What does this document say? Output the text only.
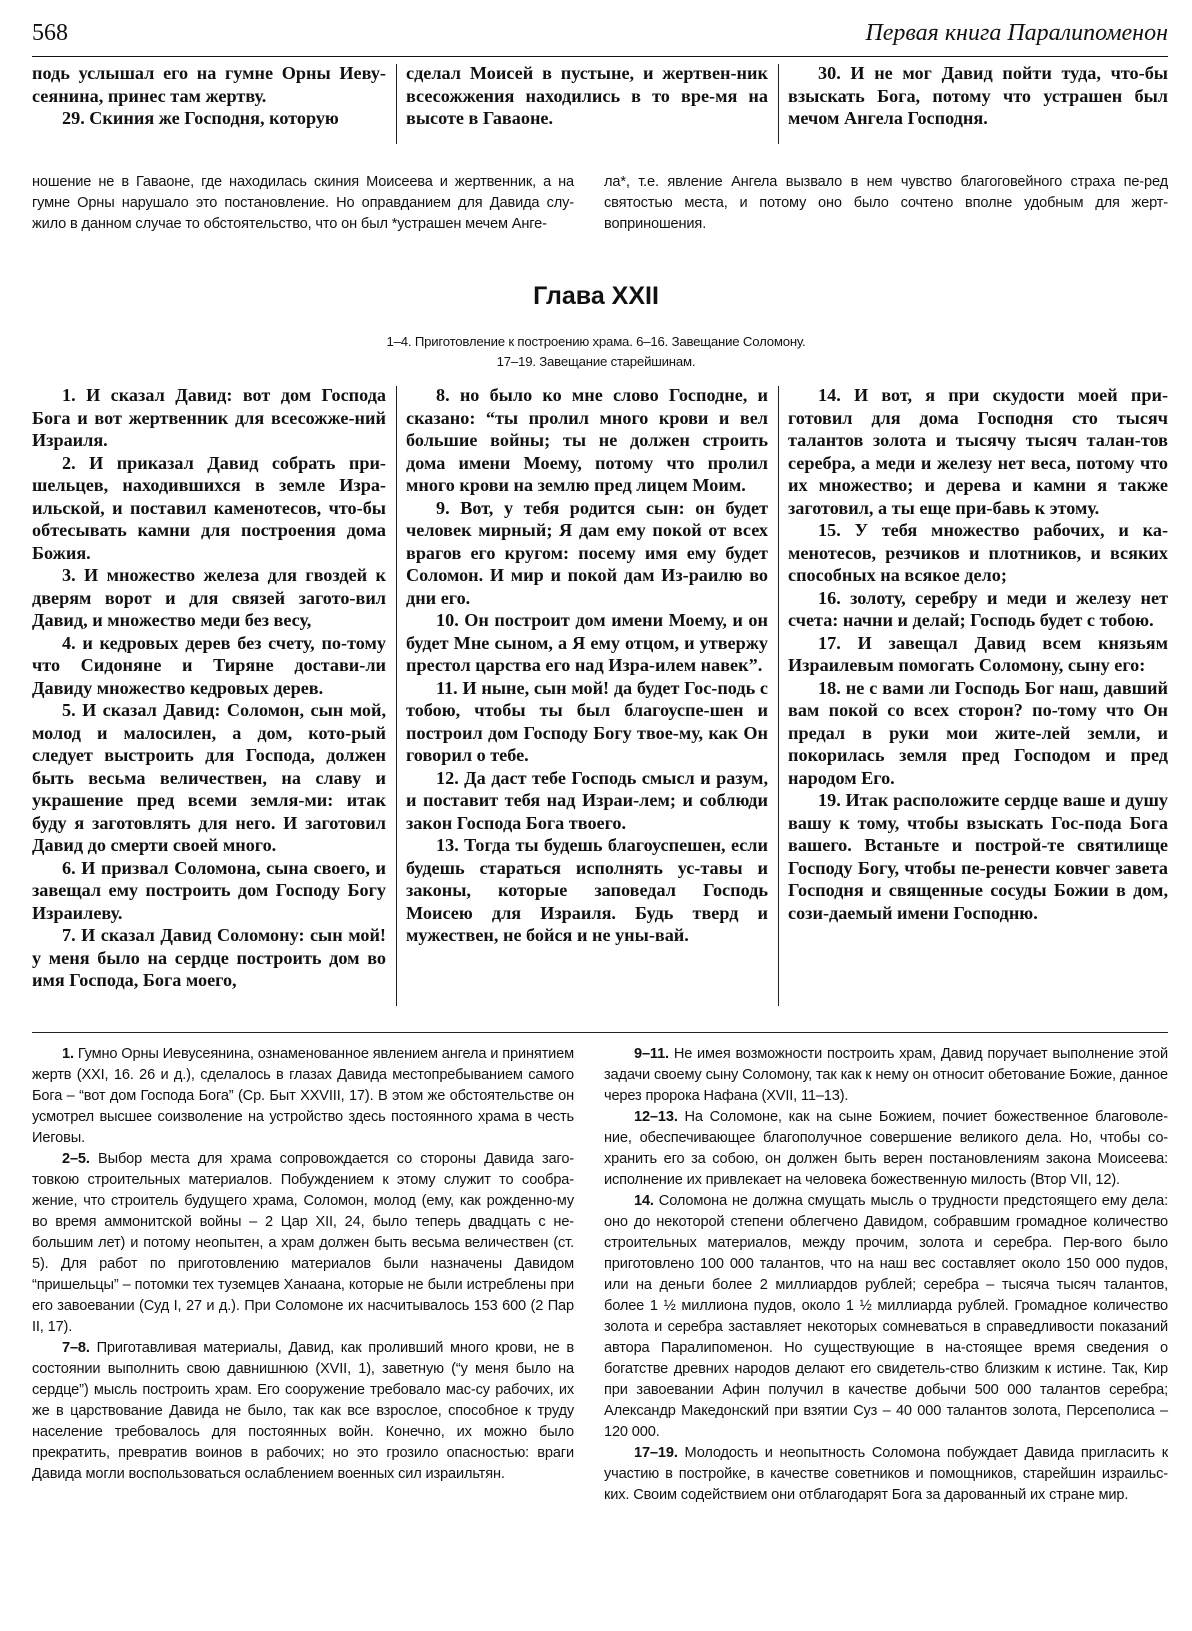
568	Первая книга Паралипоменон

подь услышал его на гумне Орны Иеву-сеянина, принес там жертву.

29. Скиния же Господня, которую

сделал Моисей в пустыне, и жертвен-ник всесожжения находились в то вре-мя на высоте в Гаваоне.

30. И не мог Давид пойти туда, что-бы взыскать Бога, потому что устрашен был мечом Ангела Господня.

ношение не в Гаваоне, где находилась скиния Моисеева и жертвенник, а на гумне Орны нарушало это постановление. Но оправданием для Давида слу-жило в данном случае то обстоятельство, что он был *устрашен мечем Анге-

ла*, т.е. явление Ангела вызвало в нем чувство благоговейного страха пе-ред святостью места, и потому оно было сочтено вполне удобным для жерт-воприношения.

Глава XXII
1–4. Приготовление к построению храма. 6–16. Завещание Соломону.
17–19. Завещание старейшинам.

1. И сказал Давид: вот дом Господа Бога и вот жертвенник для всесожже-ний Израиля.

2. И приказал Давид собрать при-шельцев, находившихся в земле Изра-ильской, и поставил каменотесов, что-бы обтесывать камни для построения дома Божия.

3. И множество железа для гвоздей к дверям ворот и для связей загото-вил Давид, и множество меди без весу,

4. и кедровых дерев без счету, по-тому что Сидоняне и Тиряне достави-ли Давиду множество кедровых дерев.

5. И сказал Давид: Соломон, сын мой, молод и малосилен, а дом, кото-рый следует выстроить для Господа, должен быть весьма величествен, на славу и украшение пред всеми земля-ми: итак буду я заготовлять для него. И заготовил Давид до смерти своей много.

6. И призвал Соломона, сына своего, и завещал ему построить дом Господу Богу Израилеву.

7. И сказал Давид Соломону: сын мой! у меня было на сердце построить дом во имя Господа, Бога моего,

8. но было ко мне слово Господне, и сказано: “ты пролил много крови и вел большие войны; ты не должен строить дома имени Моему, потому что пролил много крови на землю пред лицем Моим.

9. Вот, у тебя родится сын: он будет человек мирный; Я дам ему покой от всех врагов его кругом: посему имя ему будет Соломон. И мир и покой дам Из-раилю во дни его.

10. Он построит дом имени Моему, и он будет Мне сыном, а Я ему отцом, и утвержу престол царства его над Изра-илем навек”.

11. И ныне, сын мой! да будет Гос-подь с тобою, чтобы ты был благоуспе-шен и построил дом Господу Богу твое-му, как Он говорил о тебе.

12. Да даст тебе Господь смысл и разум, и поставит тебя над Израи-лем; и соблюди закон Господа Бога твоего.

13. Тогда ты будешь благоуспешен, если будешь стараться исполнять ус-тавы и законы, которые заповедал Господь Моисею для Израиля. Будь тверд и мужествен, не бойся и не уны-вай.

14. И вот, я при скудости моей при-готовил для дома Господня сто тысяч талантов золота и тысячу тысяч талан-тов серебра, а меди и железу нет веса, потому что их множество; и дерева и камни я также заготовил, а ты еще при-бавь к этому.

15. У тебя множество рабочих, и ка-менотесов, резчиков и плотников, и всяких способных на всякое дело;

16. золоту, серебру и меди и железу нет счета: начни и делай; Господь будет с тобою.

17. И завещал Давид всем князьям Израилевым помогать Соломону, сыну его:

18. не с вами ли Господь Бог наш, давший вам покой со всех сторон? по-тому что Он предал в руки мои жите-лей земли, и покорилась земля пред Господом и пред народом Его.

19. Итак расположите сердце ваше и душу вашу к тому, чтобы взыскать Гос-пода Бога вашего. Встаньте и построй-те святилище Господу Богу, чтобы пе-ренести ковчег завета Господня и священные сосуды Божии в дом, сози-даемый имени Господню.

1. Гумно Орны Иевусеянина, ознаменованное явлением ангела и принятием жертв (XXI, 16. 26 и д.), сделалось в глазах Давида местопребыванием самого Бога – “вот дом Господа Бога” (Ср. Быт XXVIII, 17). В этом же обстоятельстве он усмотрел высшее соизволение на устройство здесь постоянного храма в честь Иеговы.

2–5. Выбор места для храма сопровождается со стороны Давида заго-товкою строительных материалов. Побуждением к этому служит то сообра-жение, что строитель будущего храма, Соломон, молод (ему, как рожденно-му во время аммонитской войны – 2 Цар XII, 24, было теперь двадцать с не-большим лет) и потому неопытен, а храм должен быть весьма величествен (ст. 5). Для работ по приготовлению материалов были назначены Давидом “пришельцы” – потомки тех туземцев Ханаана, которые не были истреблены при его завоевании (Суд I, 27 и д.). При Соломоне их насчитывалось 153 600 (2 Пар II, 17).

7–8. Приготавливая материалы, Давид, как проливший много крови, не в состоянии выполнить свою давнишнюю (XVII, 1), заветную (“у меня было на сердце”) мысль построить храм. Его сооружение требовало мас-су рабочих, их же в царствование Давида не было, так как все взрослое, способное к труду население требовалось для постоянных войн. Конечно, их можно было прекратить, превратив воинов в рабочих; но это грозило опасностью: враги Давида могли воспользоваться ослаблением военных сил израильтян.

9–11. Не имея возможности построить храм, Давид поручает выполнение этой задачи своему сыну Соломону, так как к нему он относит обетование Божие, данное через пророка Нафана (XVII, 11–13).

12–13. На Соломоне, как на сыне Божием, почиет божественное благоволе-ние, обеспечивающее благополучное совершение великого дела. Но, чтобы со-хранить его за собою, он должен быть верен постановлениям закона Моисеева: исполнение их привлекает на человека божественную милость (Втор VII, 12).

14. Соломона не должна смущать мысль о трудности предстоящего ему дела: оно до некоторой степени облегчено Давидом, собравшим громадное количество строительных материалов, между прочим, золота и серебра. Пер-вого было приготовлено 100 000 талантов, что на наш вес составляет около 150 000 пудов, или на деньги более 2 миллиардов рублей; серебра – тысяча тысяч талантов, более 1 ½ миллиона пудов, около 1 ½ миллиарда рублей. Громадное количество золота и серебра заставляет некоторых сомневаться в справедливости показаний автора Паралипоменон. Но существующие в на-стоящее время сведения о богатстве древних народов делают его свидетель-ство близким к истине. Так, Кир при завоевании Афин получил в качестве добычи 500 000 талантов серебра; Александр Македонский при взятии Суз – 40 000 талантов золота, Персеполиса – 120 000.

17–19. Молодость и неопытность Соломона побуждает Давида пригласить к участию в постройке, в качестве советников и помощников, старейшин израильс-ких. Своим содействием они отблагодарят Бога за дарованный их стране мир.
